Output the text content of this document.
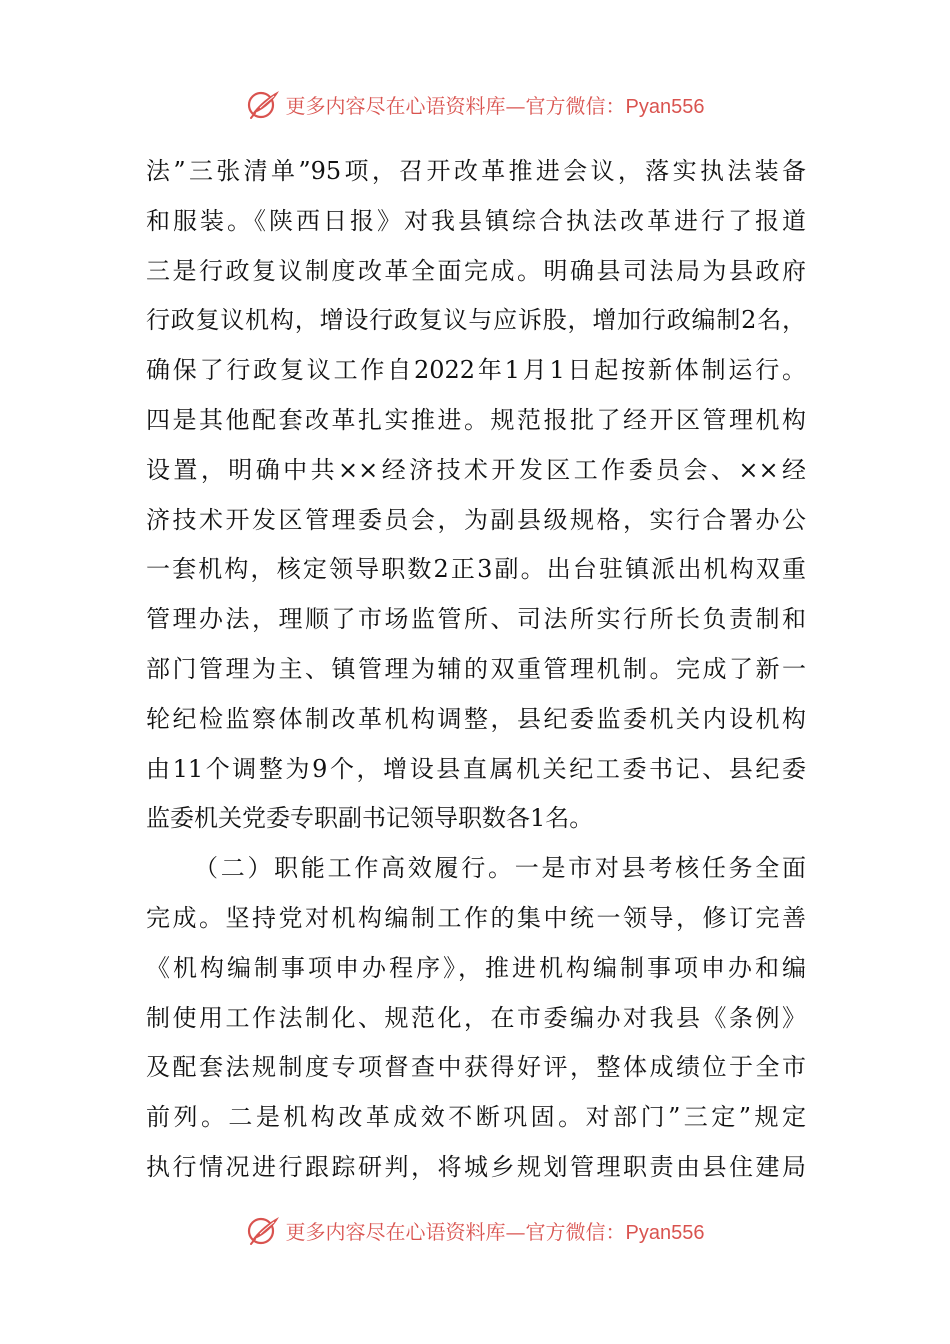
更多内容尽在心语资料库—官方微信：Pyan556
法”三张清单”95项，召开改革推进会议，落实执法装备
和服装。《陕西日报》对我县镇综合执法改革进行了报道
三是行政复议制度改革全面完成。明确县司法局为县政府
行政复议机构，增设行政复议与应诉股，增加行政编制2名，
确保了行政复议工作自2022年1月1日起按新体制运行。
四是其他配套改革扎实推进。规范报批了经开区管理机构
设置，明确中共××经济技术开发区工作委员会、××经
济技术开发区管理委员会，为副县级规格，实行合署办公
一套机构，核定领导职数2正3副。出台驻镇派出机构双重
管理办法，理顺了市场监管所、司法所实行所长负责制和
部门管理为主、镇管理为辅的双重管理机制。完成了新一
轮纪检监察体制改革机构调整，县纪委监委机关内设机构
由11个调整为9个，增设县直属机关纪工委书记、县纪委
监委机关党委专职副书记领导职数各1名。
（二）职能工作高效履行。一是市对县考核任务全面
完成。坚持党对机构编制工作的集中统一领导，修订完善
《机构编制事项申办程序》，推进机构编制事项申办和编
制使用工作法制化、规范化，在市委编办对我县《条例》
及配套法规制度专项督查中获得好评，整体成绩位于全市
前列。二是机构改革成效不断巩固。对部门”三定”规定
执行情况进行跟踪研判，将城乡规划管理职责由县住建局
更多内容尽在心语资料库—官方微信：Pyan556
